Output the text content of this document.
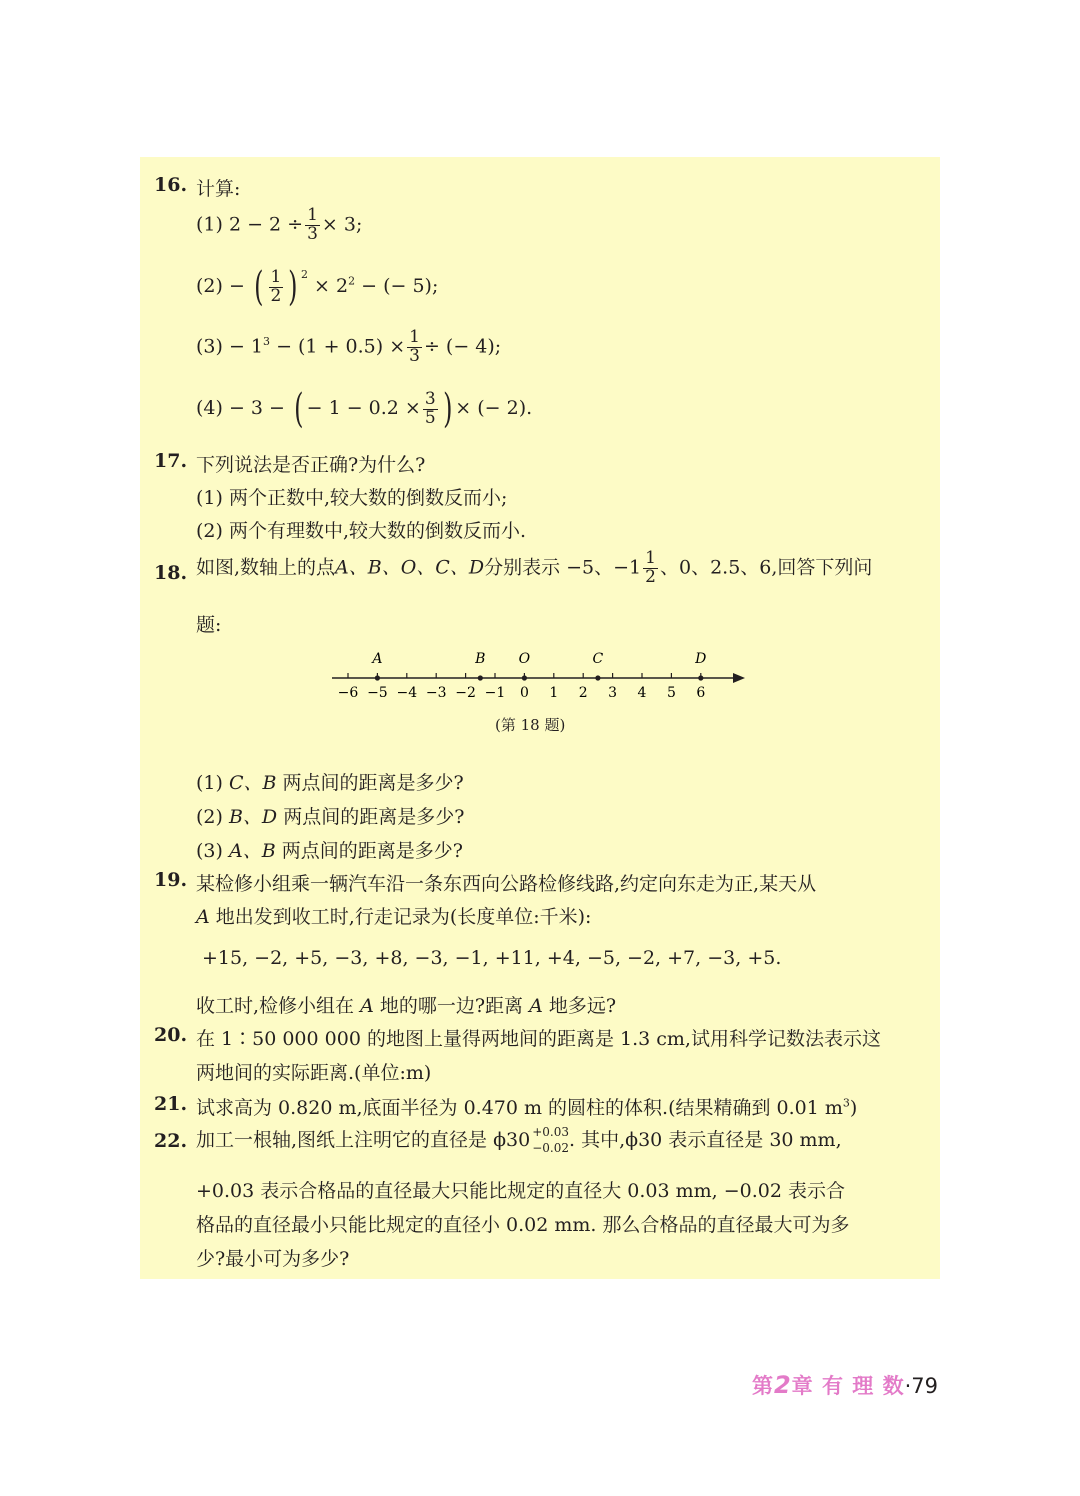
16. 计算:
(1) $2 - 2 \div \frac{1}{3} \times 3$;
(2) − ( $\frac{1}{2}$ ) $^2 \times 2^2$ − (− 5);
$(3) - 1^3 - (1 + 0.5) \times \frac{1}{3}$ ÷ (− 4);
(4) − 3 − ( − $1 - 0.2 \times \frac{3}{5}$ ) × (− 2).
17. 下列说法是否正确?为什么?
(1) 两个正数中,较大数的倒数反而小;
(2) 两个有理数中,较大数的倒数反而小.
18. 如图,数轴上的点A、B、O、C、D分别表示 −5、$-1 \frac{1}{2}$ 、0、2.5、6,回答下列问
题:
A	B O	C	D
−6 −5 −4 −3 −2 −1 0 1 2 3 4 5 6
(第 18 题)
(1) C、B 两点间的距离是多少?
(2) B、D 两点间的距离是多少?
(3) A、B 两点间的距离是多少?
19. 某检修小组乘一辆汽车沿一条东西向公路检修线路,约定向东走为正,某天从
A 地出发到收工时,行走记录为(长度单位:千米):
+15, −2, +5, −3, +8, −3, −1, +11, +4, −5, −2, +7, −3, +5.
收工时,检修小组在 A 地的哪一边?距离 A 地多远?
20. 在 1∶50 000 000 的地图上量得两地间的距离是 1.3 cm,试用科学记数法表示这
两地间的实际距离.(单位:m)
21. 试求高为 0.820 m,底面半径为 0.470 m 的圆柱的体积.(结果精确到 0.01 $m^3$)
22. 加工一根轴,图纸上注明它的直径是 ϕ30 +0.03
−0.02 . 其中,ϕ30 表示直径是 30 mm,
+0.03 表示合格品的直径最大只能比规定的直径大 0.03 mm, −0.02 表示合
格品的直径最小只能比规定的直径小 0.02 mm. 那么合格品的直径最大可为多
少?最小可为多少?
第2章 有 理 数·79
